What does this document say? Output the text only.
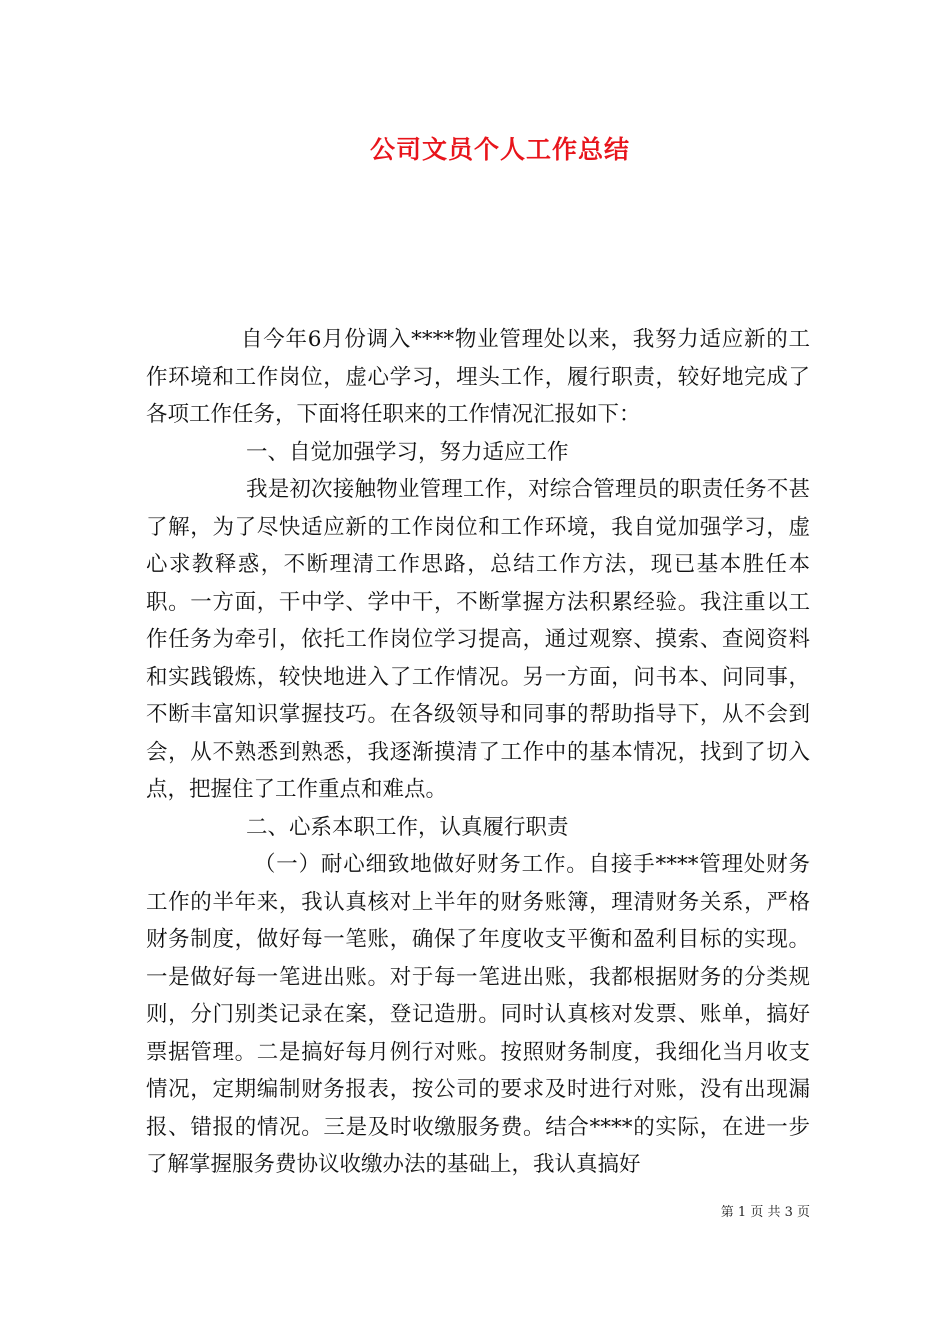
公司文员个人工作总结

自今年6月份调入****物业管理处以来，我努力适应新的工作环境和工作岗位，虚心学习，埋头工作，履行职责，较好地完成了各项工作任务，下面将任职来的工作情况汇报如下：

一、自觉加强学习，努力适应工作

我是初次接触物业管理工作，对综合管理员的职责任务不甚了解，为了尽快适应新的工作岗位和工作环境，我自觉加强学习，虚心求教释惑，不断理清工作思路，总结工作方法，现已基本胜任本职。一方面，干中学、学中干，不断掌握方法积累经验。我注重以工作任务为牵引，依托工作岗位学习提高，通过观察、摸索、查阅资料和实践锻炼，较快地进入了工作情况。另一方面，问书本、问同事，不断丰富知识掌握技巧。在各级领导和同事的帮助指导下，从不会到会，从不熟悉到熟悉，我逐渐摸清了工作中的基本情况，找到了切入点，把握住了工作重点和难点。

二、心系本职工作，认真履行职责

（一）耐心细致地做好财务工作。自接手****管理处财务工作的半年来，我认真核对上半年的财务账簿，理清财务关系，严格财务制度，做好每一笔账，确保了年度收支平衡和盈利目标的实现。一是做好每一笔进出账。对于每一笔进出账，我都根据财务的分类规则，分门别类记录在案，登记造册。同时认真核对发票、账单，搞好票据管理。二是搞好每月例行对账。按照财务制度，我细化当月收支情况，定期编制财务报表，按公司的要求及时进行对账，没有出现漏报、错报的情况。三是及时收缴服务费。结合****的实际，在进一步了解掌握服务费协议收缴办法的基础上，我认真搞好

第 1 页 共 3 页
